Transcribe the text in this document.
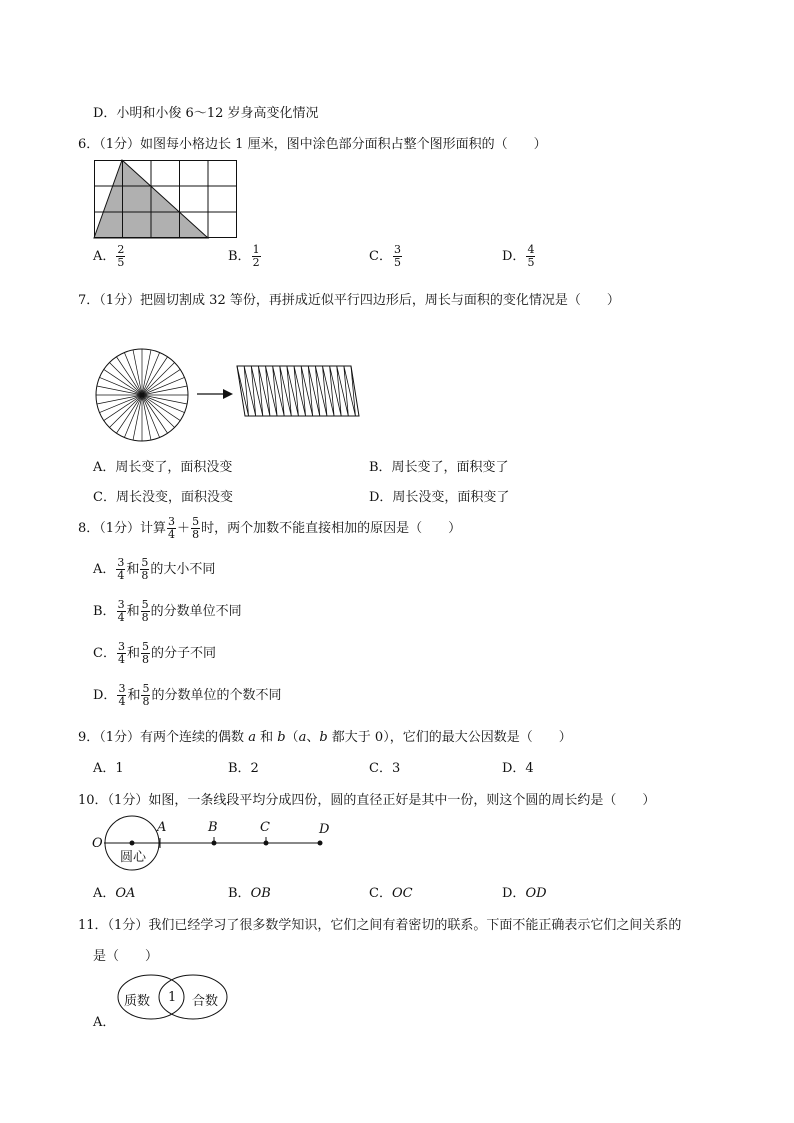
D．小明和小俊 6～12 岁身高变化情况
6．（1分）如图每小格边长 1 厘米，图中涂色部分面积占整个图形面积的（　　）
A． $\frac{2}{5}$	B． $\frac{1}{2}$	C． $\frac{3}{5}$	D． $\frac{4}{5}$
7．（1分）把圆切割成 32 等份，再拼成近似平行四边形后，周长与面积的变化情况是（　　）
A．周长变了，面积没变	B．周长变了，面积变了
C．周长没变，面积没变	D．周长没变，面积变了
8．（1分）计算 $\frac{3}{4} + \frac{5}{8}$ 时，两个加数不能直接相加的原因是（　　）
A． $\frac{3}{4}$ 和 $\frac{5}{8}$ 的大小不同
B． $\frac{3}{4}$ 和 $\frac{5}{8}$ 的分数单位不同
C． $\frac{3}{4}$ 和 $\frac{5}{8}$ 的分子不同
D． $\frac{3}{4}$ 和 $\frac{5}{8}$ 的分数单位的个数不同
9．（1分）有两个连续的偶数 a 和 b（a、b 都大于 0），它们的最大公因数是（　　）
A．1	B．2	C．3	D．4
10．（1分）如图，一条线段平均分成四份，圆的直径正好是其中一份，则这个圆的周长约是（　　）
O
A	B	C	D
圆心
A．OA	B．OB	C．OC	D．OD
11．（1分）我们已经学习了很多数学知识，它们之间有着密切的联系。下面不能正确表示它们之间关系的
是（　　）
质数 1 合数
A．
